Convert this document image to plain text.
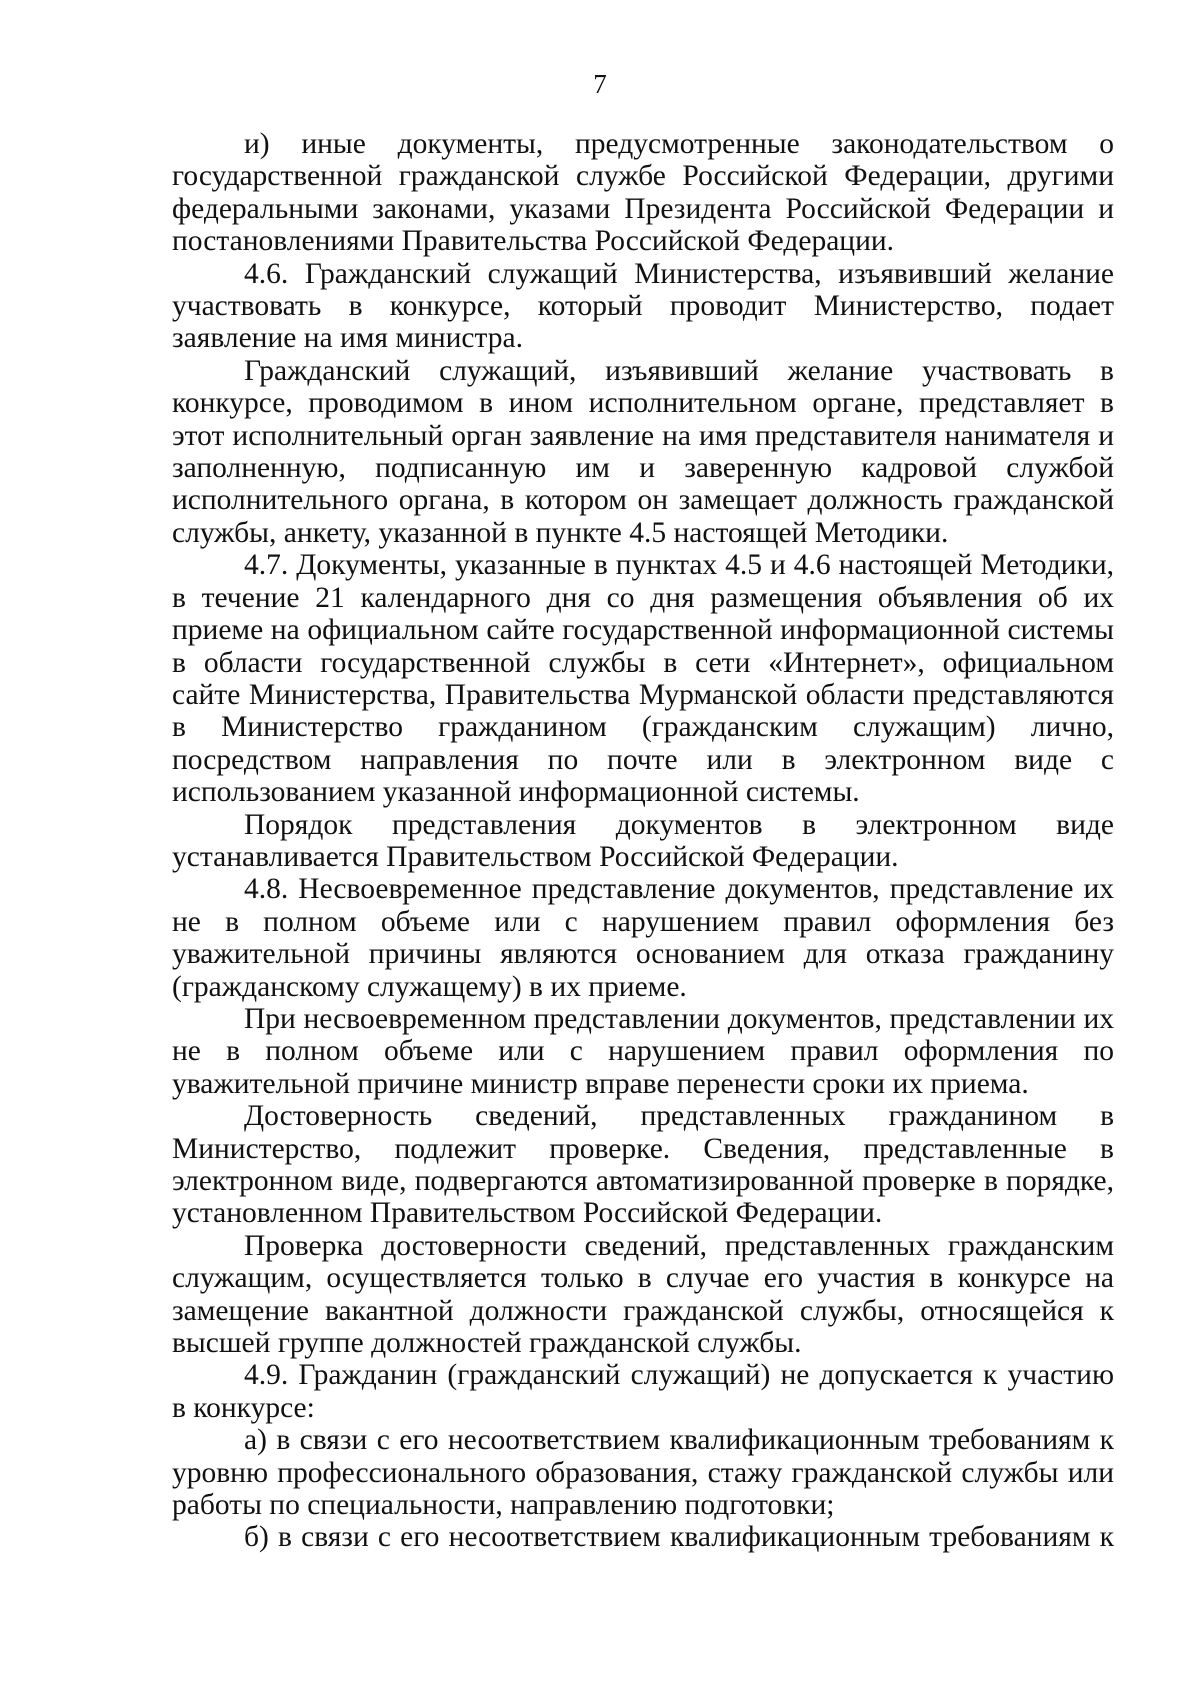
7

и) иные документы, предусмотренные законодательством о государственной гражданской службе Российской Федерации, другими федеральными законами, указами Президента Российской Федерации и постановлениями Правительства Российской Федерации.

4.6. Гражданский служащий Министерства, изъявивший желание участвовать в конкурсе, который проводит Министерство, подает заявление на имя министра.

Гражданский служащий, изъявивший желание участвовать в конкурсе, проводимом в ином исполнительном органе, представляет в этот исполнительный орган заявление на имя представителя нанимателя и заполненную, подписанную им и заверенную кадровой службой исполнительного органа, в котором он замещает должность гражданской службы, анкету, указанной в пункте 4.5 настоящей Методики.

4.7. Документы, указанные в пунктах 4.5 и 4.6 настоящей Методики, в течение 21 календарного дня со дня размещения объявления об их приеме на официальном сайте государственной информационной системы в области государственной службы в сети «Интернет», официальном сайте Министерства, Правительства Мурманской области представляются в Министерство гражданином (гражданским служащим) лично, посредством направления по почте или в электронном виде с использованием указанной информационной системы.

Порядок представления документов в электронном виде устанавливается Правительством Российской Федерации.

4.8. Несвоевременное представление документов, представление их не в полном объеме или с нарушением правил оформления без уважительной причины являются основанием для отказа гражданину (гражданскому служащему) в их приеме.

При несвоевременном представлении документов, представлении их не в полном объеме или с нарушением правил оформления по уважительной причине министр вправе перенести сроки их приема.

Достоверность сведений, представленных гражданином в Министерство, подлежит проверке. Сведения, представленные в электронном виде, подвергаются автоматизированной проверке в порядке, установленном Правительством Российской Федерации.

Проверка достоверности сведений, представленных гражданским служащим, осуществляется только в случае его участия в конкурсе на замещение вакантной должности гражданской службы, относящейся к высшей группе должностей гражданской службы.

4.9. Гражданин (гражданский служащий) не допускается к участию в конкурсе:

а) в связи с его несоответствием квалификационным требованиям к уровню профессионального образования, стажу гражданской службы или работы по специальности, направлению подготовки;

б) в связи с его несоответствием квалификационным требованиям к
